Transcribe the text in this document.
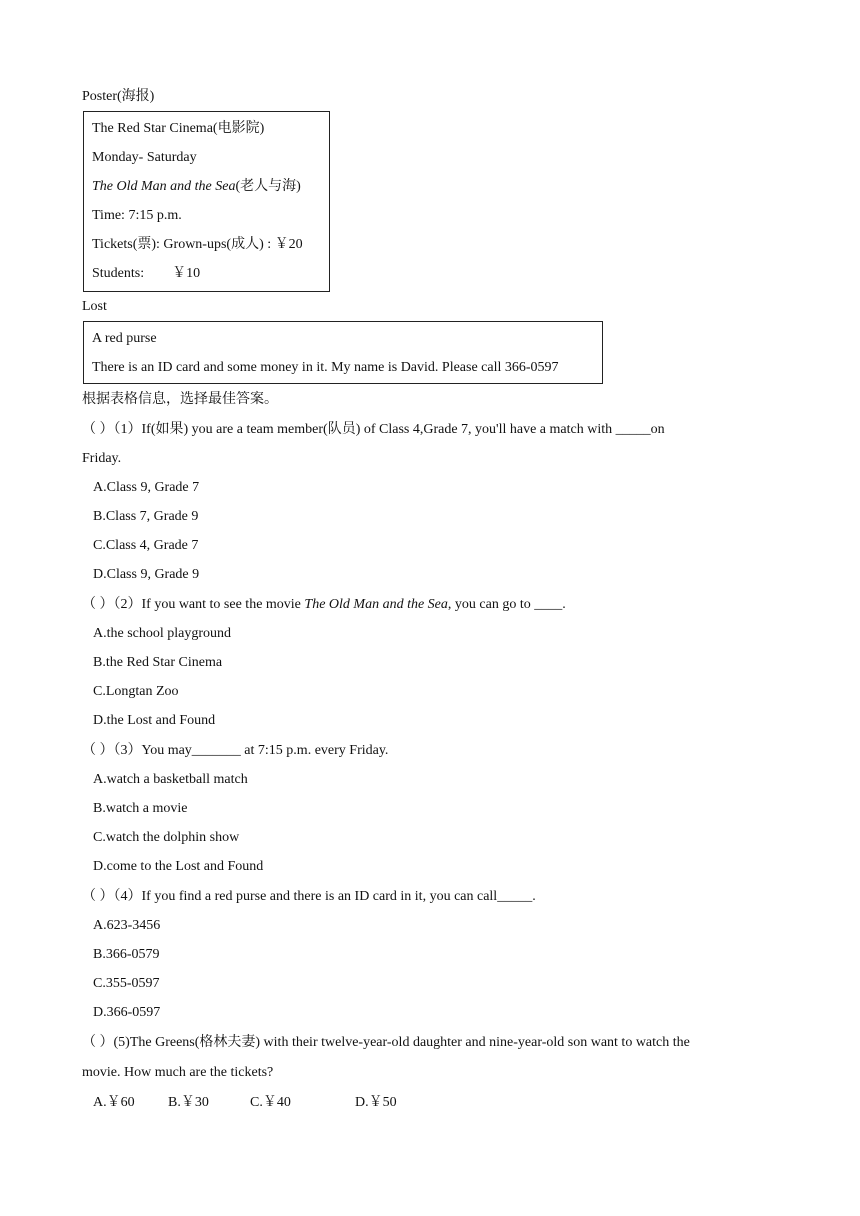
Poster(海报)
The Red Star Cinema(电影院)
Monday- Saturday
The Old Man and the Sea(老人与海)
Time: 7:15 p.m.
Tickets(票): Grown-ups(成人) : ￥20
Students:        ￥10
Lost
A red purse
There is an ID card and some money in it. My name is David. Please call 366-0597
根据表格信息，选择最佳答案。
（ ）（1）If(如果) you are a team member(队员) of Class 4,Grade 7, you'll have a match with _____on
Friday.
A.Class 9, Grade 7
B.Class 7, Grade 9
C.Class 4, Grade 7
D.Class 9, Grade 9
（ ）（2）If you want to see the movie The Old Man and the Sea, you can go to ____.
A.the school playground
B.the Red Star Cinema
C.Longtan Zoo
D.the Lost and Found
（ ）（3）You may_______ at 7:15 p.m. every Friday.
A.watch a basketball match
B.watch a movie
C.watch the dolphin show
D.come to the Lost and Found
（ ）（4）If you find a red purse and there is an ID card in it, you can call_____.
A.623-3456
B.366-0579
C.355-0597
D.366-0597
（ ）(5)The Greens(格林夫妻) with their twelve-year-old daughter and nine-year-old son want to watch the
movie. How much are the tickets?
A.￥60 B.￥30	C.￥40	D.￥50
